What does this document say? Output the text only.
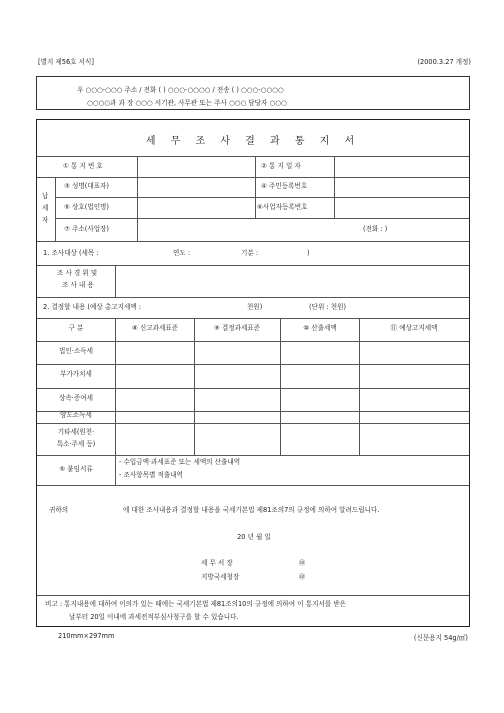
[별지 제56호 서식]	(2000.3.27 개정)
우 ○○○-○○○ 주소 / 전화 ( ) ○○○-○○○○ / 전송 ( ) ○○○-○○○○
○○○○과 과 장 ○○○ 서기관, 사무관 또는 주사 ○○○ 담당자 ○○○
세 무 조 사 결 과 통 지 서
① 통 지 번 호	② 통 지 일 자
납세자
③ 성명(대표자)	④ 주민등록번호
⑤ 상호(법인명)	⑥사업자등록번호
⑦ 주소(사업장)	(전화 : )
1. 조사대상 (세목 :	연도 :	기분 :	)
조 사 경 위 및
조 사 내 용
2. 결정할 내용 (예상 총고지세액 :	천원)	(단위 : 천원)
구 분	⑧ 신고과세표준	⑨ 결정과세표준	⑩ 산출세액	⑪ 예상고지세액
법인·소득세
부가가치세
상속·증여세
양도소득세
기타세(원천·
특소·주세 등)
⑤ 붙임서류
- 수입금액·과세표준 또는 세액의 산출내역
- 조사항목별 적출내역
귀하의	에 대한 조사내용과 결정할 내용을 국세기본법 제81조의7의 규정에 의하여 알려드립니다.
20 년 월 일
세 무 서 장	㊞
지방국세청장	㊞
비고 : 통지내용에 대하여 이의가 있는 때에는 국세기본법 제81조의10의 규정에 의하여 이 통지서를 받은
날부터 20일 이내에 과세전적부심사청구를 할 수 있습니다.
210mm×297mm	(신문용지 54g/㎡)
